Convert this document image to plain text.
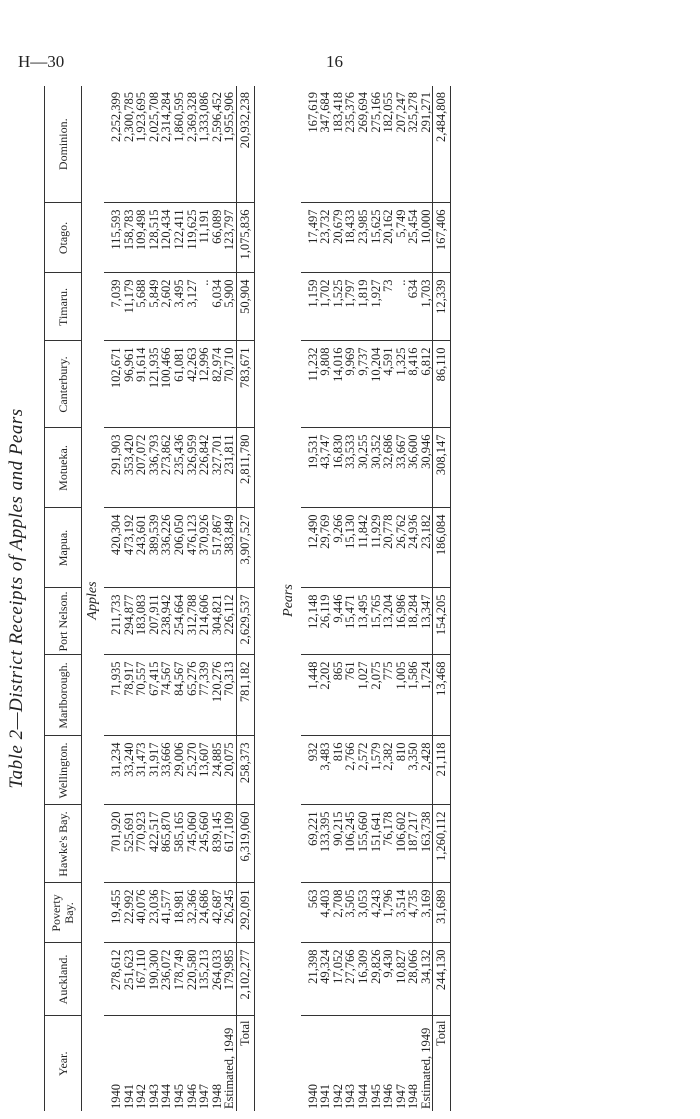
H—30	16
Table 2—District Receipts of Apples and Pears
Year.	Auckland.	Poverty Bay.	Hawke's Bay.	Wellington.	Marlborough.	Port Nelson.	Mapua.	Motueka.	Canterbury.	Timaru.	Otago.	Dominion.
Apples												
1940	278,612	19,455	701,920	31,234	71,935	211,733	420,304	291,903	102,671	7,039	115,593	2,252,399
1941	251,623	22,992	525,691	33,240	78,917	294,877	473,192	353,420	96,961	11,179	158,783	2,300,785
1942	167,110	40,076	770,923	31,473	70,557	183,083	243,601	207,072	91,614	5,688	109,498	1,923,695
1943	190,300	23,036	422,517	31,917	67,415	207,911	389,539	336,793	121,935	5,849	128,515	2,025,708
1944	236,072	41,577	865,870	33,666	74,567	238,942	336,226	273,862	100,466	2,602	120,434	2,314,284
1945	178,749	18,981	585,165	29,006	84,567	254,664	206,050	235,436	61,081	3,495	122,411	1,860,595
1946	220,580	32,366	745,060	25,270	65,276	312,788	476,123	326,959	42,263	3,127	119,625	2,369,328
1947	135,213	24,686	245,660	13,607	77,339	214,606	370,926	226,842	12,996	..	11,191	1,333,086
1948	264,033	42,687	839,145	24,885	120,276	304,821	517,867	327,701	82,974	6,034	66,089	2,596,452
Estimated, 1949	179,985	26,245	617,109	20,075	70,313	226,112	383,849	231,811	70,710	5,900	123,797	1,955,906
Total	2,102,277	292,091	6,319,060	258,373	781,182	2,629,537	3,907,527	2,811,780	783,671	50,904	1,075,836	20,932,238

Pears												
1940	21,398	563	69,221	932	1,448	12,148	12,490	19,531	11,232	1,159	17,497	167,619
1941	49,324	4,403	133,395	3,483	2,202	26,119	29,769	43,747	9,808	1,702	23,732	347,684
1942	17,052	2,708	90,215	816	865	9,446	9,266	16,830	14,016	1,525	20,679	183,418
1943	27,766	3,505	106,245	2,766	761	15,471	15,130	33,533	9,969	1,797	18,433	235,376
1944	16,309	3,053	155,660	2,572	1,027	13,495	11,842	30,255	9,737	1,819	23,985	269,694
1945	29,826	4,243	151,641	1,579	2,075	15,765	11,929	30,352	10,204	1,927	15,625	275,166
1946	9,430	1,796	76,178	2,382	775	13,204	20,778	32,686	4,591	73	20,162	182,055
1947	10,827	3,514	106,602	810	1,005	16,986	26,762	33,667	1,325	..	5,749	207,247
1948	28,066	4,735	187,217	3,350	1,586	18,284	24,936	36,600	8,416	634	25,454	325,278
Estimated, 1949	34,132	3,169	163,738	2,428	1,724	13,347	23,182	30,946	6,812	1,703	10,000	291,271
Total	244,130	31,689	1,260,112	21,118	13,468	154,205	186,084	308,147	86,110	12,339	167,406	2,484,808
